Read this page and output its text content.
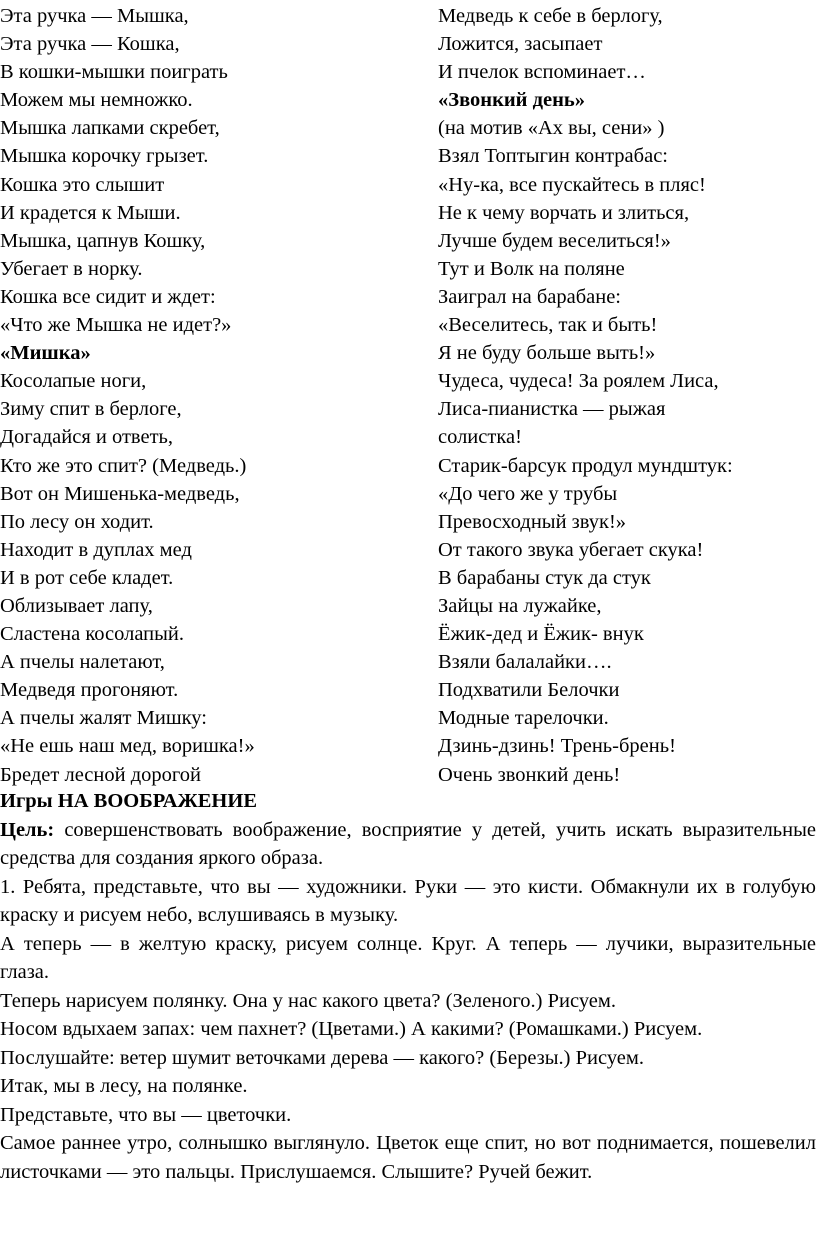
Эта ручка — Мышка,
Эта ручка — Кошка,
В кошки-мышки поиграть
Можем мы немножко.
Мышка лапками скребет,
Мышка корочку грызет.
Кошка это слышит
И крадется к Мыши.
Мышка, цапнув Кошку,
Убегает в норку.
Кошка все сидит и ждет:
«Что же Мышка не идет?»
«Мишка»
Косолапые ноги,
Зиму спит в берлоге,
Догадайся и ответь,
Кто же это спит? (Медведь.)
Вот он Мишенька-медведь,
По лесу он ходит.
Находит в дуплах мед
И в рот себе кладет.
Облизывает лапу,
Сластена косолапый.
А пчелы налетают,
Медведя прогоняют.
А пчелы жалят Мишку:
«Не ешь наш мед, воришка!»
Бредет лесной дорогой
Медведь к себе в берлогу,
Ложится, засыпает
И пчелок вспоминает…
«Звонкий день»
(на мотив «Ах вы, сени» )
Взял Топтыгин контрабас:
«Ну-ка, все пускайтесь в пляс!
Не к чему ворчать и злиться,
Лучше будем веселиться!»
Тут и Волк на поляне
Заиграл на барабане:
«Веселитесь, так и быть!
Я не буду больше выть!»
Чудеса, чудеса! За роялем Лиса,
Лиса-пианистка — рыжая
солистка!
Старик-барсук продул мундштук:
«До чего же у трубы
Превосходный звук!»
От такого звука убегает скука!
В барабаны стук да стук
Зайцы на лужайке,
Ёжик-дед и Ёжик- внук
Взяли балалайки….
Подхватили Белочки
Модные тарелочки.
Дзинь-дзинь! Трень-брень!
Очень звонкий день!
Игры НА ВООБРАЖЕНИЕ

Цель: совершенствовать воображение, восприятие у детей, учить искать выразительные средства для создания яркого образа.

1. Ребята, представьте, что вы — художники. Руки — это кисти. Обмакнули их в голубую краску и рисуем небо, вслушиваясь в музыку.

А теперь — в желтую краску, рисуем солнце. Круг. А теперь — лучики, выразительные глаза.

Теперь нарисуем полянку. Она у нас какого цвета? (Зеленого.) Рисуем.

Носом вдыхаем запах: чем пахнет? (Цветами.) А какими? (Ромашками.) Рисуем.

Послушайте: ветер шумит веточками дерева — какого? (Березы.) Рисуем.

Итак, мы в лесу, на полянке.

Представьте, что вы — цветочки.

Самое раннее утро, солнышко выглянуло. Цветок еще спит, но вот поднимается, пошевелил листочками — это пальцы. Прислушаемся. Слышите? Ручей бежит.
